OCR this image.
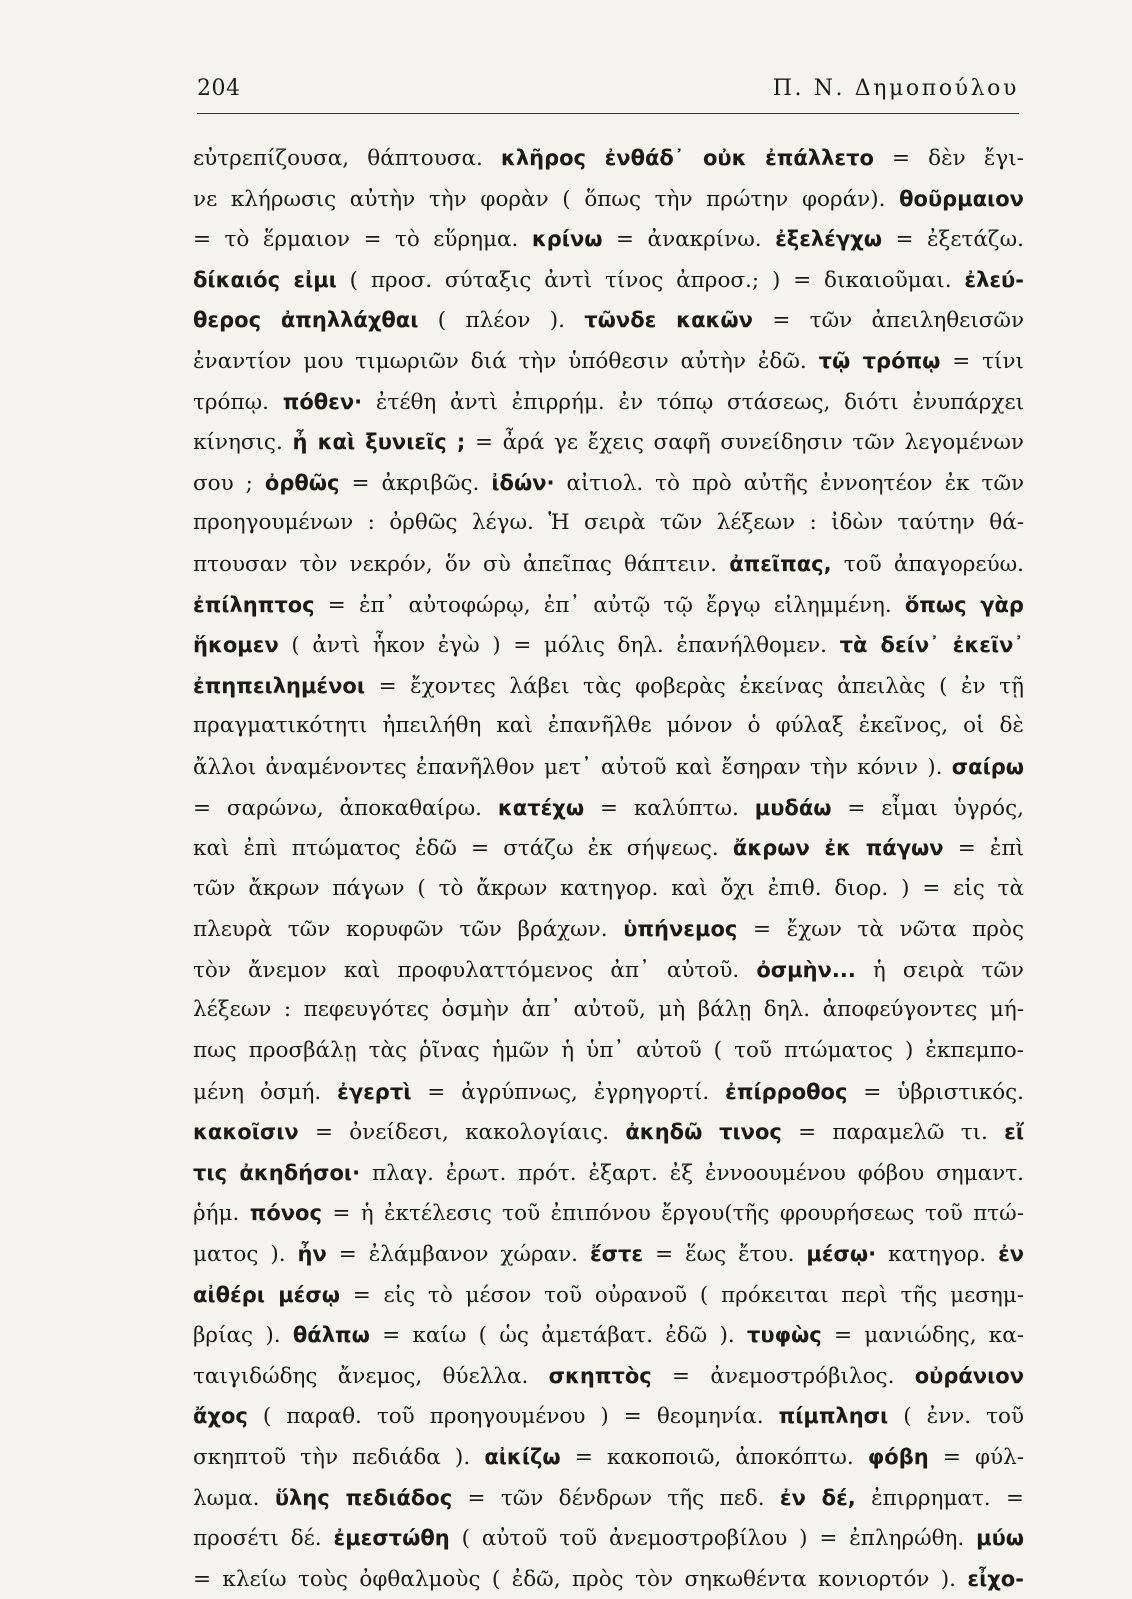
204	Π. Ν. Δημοπούλου
εὐτρεπίζουσα, θάπτουσα. κλῆρος ἐνθάδ᾽ οὐκ ἐπάλλετο = δὲν ἔγι-
νε κλήρωσις αὐτὴν τὴν φορὰν ( ὅπως τὴν πρώτην φοράν). θοῦρμαιον
= τὸ ἕρμαιον = τὸ εὕρημα. κρίνω = ἀνακρίνω. ἐξελέγχω = ἐξετάζω.
δίκαιός εἰμι ( προσ. σύταξις ἀντὶ τίνος ἀπροσ.; ) = δικαιοῦμαι. ἐλεύ-
θερος ἀπηλλάχθαι ( πλέον ). τῶνδε κακῶν = τῶν ἀπειληθεισῶν
ἐναντίον μου τιμωριῶν διά τὴν ὑπόθεσιν αὐτὴν ἐδῶ. τῷ τρόπῳ = τίνι
τρόπῳ. πόθεν· ἐτέθη ἀντὶ ἐπιρρήμ. ἐν τόπῳ στάσεως, διότι ἐνυπάρχει
κίνησις. ἦ καὶ ξυνιεῖς ; = ἆρά γε ἔχεις σαφῆ συνείδησιν τῶν λεγομένων
σου ; ὀρθῶς = ἀκριβῶς. ἰδών· αἰτιολ. τὸ πρὸ αὐτῆς ἐννοητέον ἐκ τῶν
προηγουμένων : ὀρθῶς λέγω. Ἡ σειρὰ τῶν λέξεων : ἰδὼν ταύτην θά-
πτουσαν τὸν νεκρόν, ὅν σὺ ἀπεῖπας θάπτειν. ἀπεῖπας, τοῦ ἀπαγορεύω.
ἐπίληπτος = ἐπ᾽ αὐτοφώρῳ, ἐπ᾽ αὐτῷ τῷ ἔργῳ εἰλημμένη. ὅπως γὰρ
ἥκομεν ( ἀντὶ ἧκον ἐγὼ ) = μόλις δηλ. ἐπανήλθομεν. τὰ δείν᾽ ἐκεῖν᾽
ἐπηπειλημένοι = ἔχοντες λάβει τὰς φοβερὰς ἐκείνας ἀπειλὰς ( ἐν τῇ
πραγματικότητι ἠπειλήθη καὶ ἐπανῆλθε μόνον ὁ φύλαξ ἐκεῖνος, οἱ δὲ
ἄλλοι ἀναμένοντες ἐπανῆλθον μετ᾽ αὐτοῦ καὶ ἔσηραν τὴν κόνιν ). σαίρω
= σαρώνω, ἀποκαθαίρω. κατέχω = καλύπτω. μυδάω = εἶμαι ὑγρός,
καὶ ἐπὶ πτώματος ἐδῶ = στάζω ἐκ σήψεως. ἄκρων ἐκ πάγων = ἐπὶ
τῶν ἄκρων πάγων ( τὸ ἄκρων κατηγορ. καὶ ὄχι ἐπιθ. διορ. ) = εἰς τὰ
πλευρὰ τῶν κορυφῶν τῶν βράχων. ὑπήνεμος = ἔχων τὰ νῶτα πρὸς
τὸν ἄνεμον καὶ προφυλαττόμενος ἀπ᾽ αὐτοῦ. ὀσμὴν... ἡ σειρὰ τῶν
λέξεων : πεφευγότες ὀσμὴν ἀπ᾽ αὐτοῦ, μὴ βάλῃ δηλ. ἀποφεύγοντες μή-
πως προσβάλῃ τὰς ῥῖνας ἡμῶν ἡ ὑπ᾽ αὐτοῦ ( τοῦ πτώματος ) ἐκπεμπο-
μένη ὀσμή. ἐγερτὶ = ἀγρύπνως, ἐγρηγορτί. ἐπίρροθος = ὑβριστικός.
κακοῖσιν = ὀνείδεσι, κακολογίαις. ἀκηδῶ τινος = παραμελῶ τι. εἴ
τις ἀκηδήσοι· πλαγ. ἐρωτ. πρότ. ἐξαρτ. ἐξ ἐννοουμένου φόβου σημαντ.
ῥήμ. πόνος = ἡ ἐκτέλεσις τοῦ ἐπιπόνου ἔργου(τῆς φρουρήσεως τοῦ πτώ-
ματος ). ἦν = ἐλάμβανον χώραν. ἔστε = ἕως ἔτου. μέσῳ· κατηγορ. ἐν
αἰθέρι μέσῳ = εἰς τὸ μέσον τοῦ οὐρανοῦ ( πρόκειται περὶ τῆς μεσημ-
βρίας ). θάλπω = καίω ( ὡς ἀμετάβατ. ἐδῶ ). τυφὼς = μανιώδης, κα-
ταιγιδώδης ἄνεμος, θύελλα. σκηπτὸς = ἀνεμοστρόβιλος. οὐράνιον
ἄχος ( παραθ. τοῦ προηγουμένου ) = θεομηνία. πίμπλησι ( ἐνν. τοῦ
σκηπτοῦ τὴν πεδιάδα ). αἰκίζω = κακοποιῶ, ἀποκόπτω. φόβη = φύλ-
λωμα. ὕλης πεδιάδος = τῶν δένδρων τῆς πεδ. ἐν δέ, ἐπιρρηματ. =
προσέτι δέ. ἐμεστώθη ( αὐτοῦ τοῦ ἀνεμοστροβίλου ) = ἐπληρώθη. μύω
= κλείω τοὺς ὀφθαλμοὺς ( ἐδῶ, πρὸς τὸν σηκωθέντα κονιορτόν ). εἶχο-
